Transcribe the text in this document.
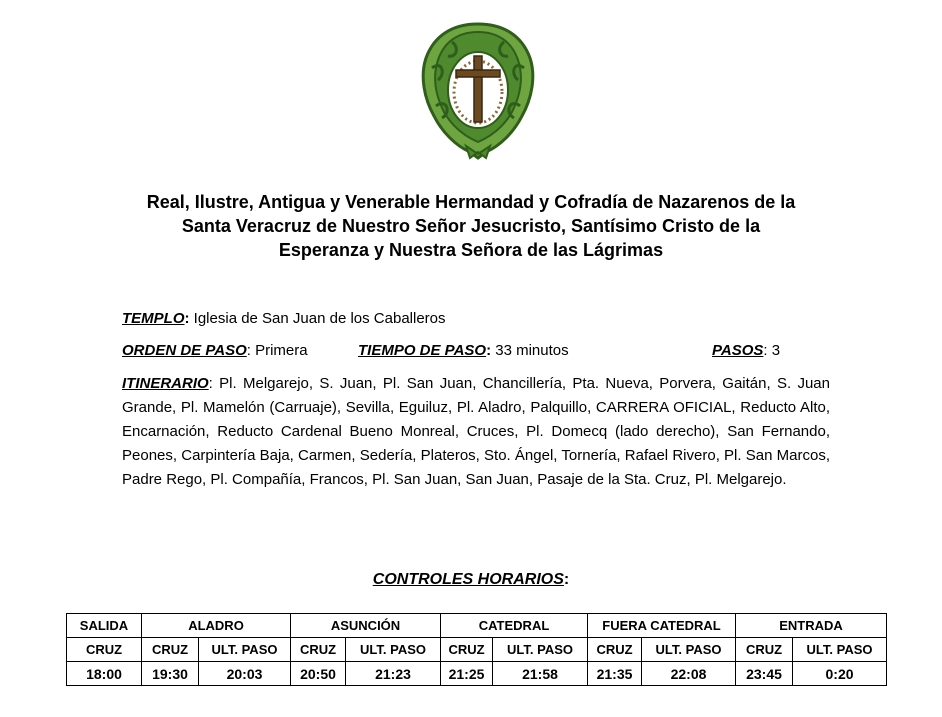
Real, Ilustre, Antigua y Venerable Hermandad y Cofradía de Nazarenos de la
Santa Veracruz de Nuestro Señor Jesucristo, Santísimo Cristo de la
Esperanza y Nuestra Señora de las Lágrimas
TEMPLO: Iglesia de San Juan de los Caballeros
ORDEN DE PASO: Primera	TIEMPO DE PASO: 33 minutos	PASOS: 3
ITINERARIO: Pl. Melgarejo, S. Juan, Pl. San Juan, Chancillería, Pta. Nueva, Porvera, Gaitán, S. Juan Grande, Pl. Mamelón (Carruaje), Sevilla, Eguiluz, Pl. Aladro, Palquillo, CARRERA OFICIAL, Reducto Alto, Encarnación, Reducto Cardenal Bueno Monreal, Cruces, Pl. Domecq (lado derecho), San Fernando, Peones, Carpintería Baja, Carmen, Sedería, Plateros, Sto. Ángel, Tornería, Rafael Rivero, Pl. San Marcos, Padre Rego, Pl. Compañía, Francos, Pl. San Juan, San Juan, Pasaje de la Sta. Cruz, Pl. Melgarejo.
CONTROLES HORARIOS:
SALIDA	ALADRO		ASUNCIÓN		CATEDRAL		FUERA CATEDRAL		ENTRADA	
CRUZ	CRUZ	ULT. PASO	CRUZ	ULT. PASO	CRUZ	ULT. PASO	CRUZ	ULT. PASO	CRUZ	ULT. PASO
18:00	19:30	20:03	20:50	21:23	21:25	21:58	21:35	22:08	23:45	0:20
